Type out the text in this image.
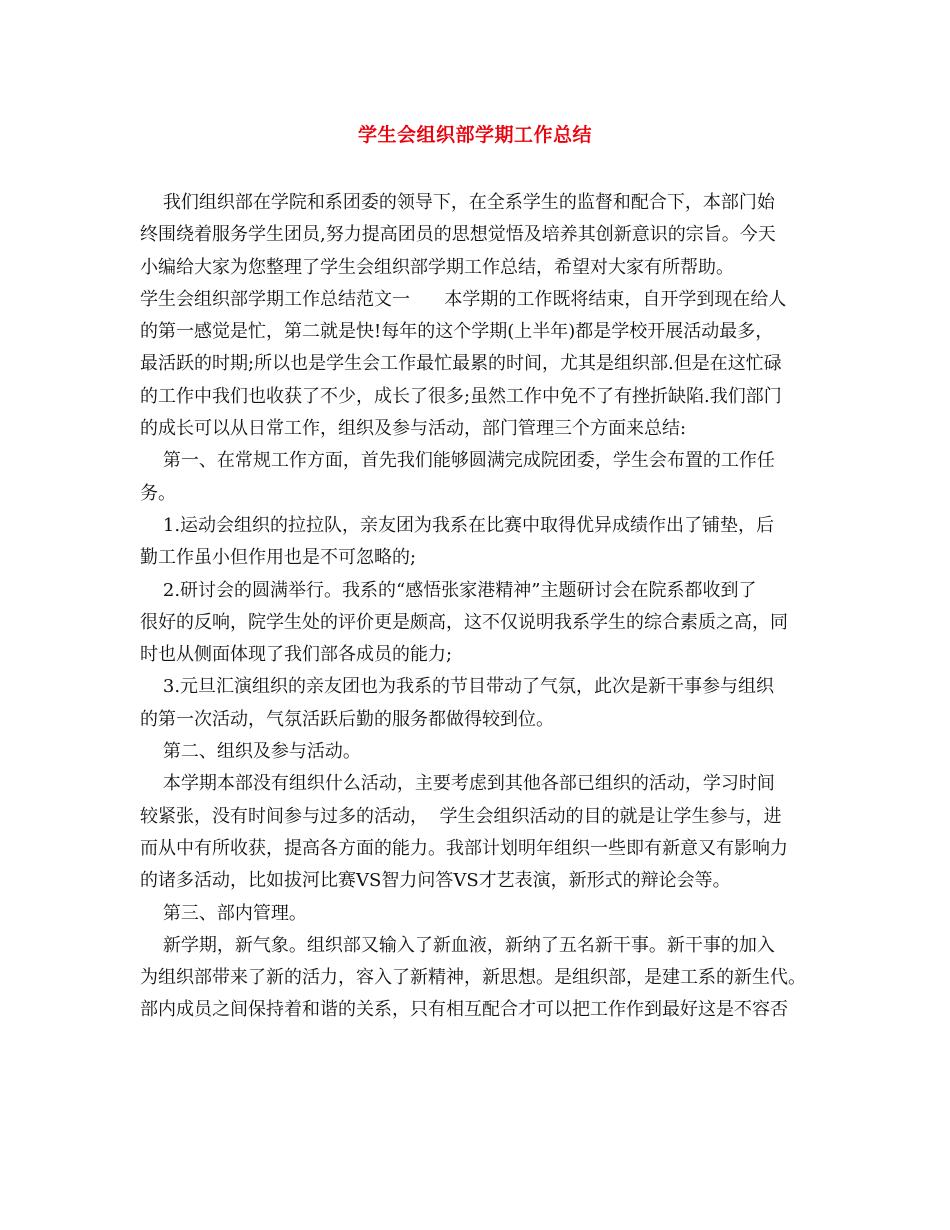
学生会组织部学期工作总结
我们组织部在学院和系团委的领导下，在全系学生的监督和配合下，本部门始
终围绕着服务学生团员,努力提高团员的思想觉悟及培养其创新意识的宗旨。今天
小编给大家为您整理了学生会组织部学期工作总结，希望对大家有所帮助。
学生会组织部学期工作总结范文一      本学期的工作既将结束，自开学到现在给人
的第一感觉是忙，第二就是快!每年的这个学期(上半年)都是学校开展活动最多，
最活跃的时期;所以也是学生会工作最忙最累的时间，尤其是组织部.但是在这忙碌
的工作中我们也收获了不少，成长了很多;虽然工作中免不了有挫折缺陷.我们部门
的成长可以从日常工作，组织及参与活动，部门管理三个方面来总结:
第一、在常规工作方面，首先我们能够圆满完成院团委，学生会布置的工作任
务。
1.运动会组织的拉拉队，亲友团为我系在比赛中取得优异成绩作出了铺垫，后
勤工作虽小但作用也是不可忽略的;
2.研讨会的圆满举行。我系的“感悟张家港精神”主题研讨会在院系都收到了
很好的反响，院学生处的评价更是颇高，这不仅说明我系学生的综合素质之高，同
时也从侧面体现了我们部各成员的能力;
3.元旦汇演组织的亲友团也为我系的节目带动了气氛，此次是新干事参与组织
的第一次活动，气氛活跃后勤的服务都做得较到位。
第二、组织及参与活动。
本学期本部没有组织什么活动，主要考虑到其他各部已组织的活动，学习时间
较紧张，没有时间参与过多的活动，  学生会组织活动的目的就是让学生参与，进
而从中有所收获，提高各方面的能力。我部计划明年组织一些即有新意又有影响力
的诸多活动，比如拔河比赛VS智力问答VS才艺表演，新形式的辩论会等。
第三、部内管理。
新学期，新气象。组织部又输入了新血液，新纳了五名新干事。新干事的加入
为组织部带来了新的活力，容入了新精神，新思想。是组织部，是建工系的新生代。
部内成员之间保持着和谐的关系，只有相互配合才可以把工作作到最好这是不容否
